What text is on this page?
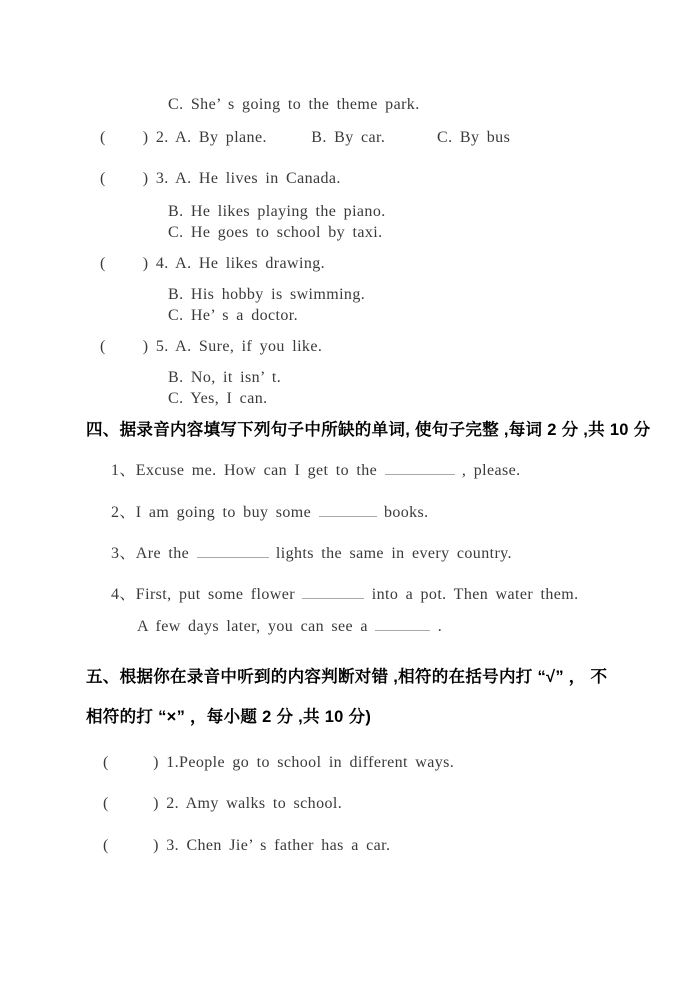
C. She’ s going to the theme park.
(     ) 2. A. By plane.      B. By car.       C. By bus
(     ) 3. A. He lives in Canada.
B. He likes playing the piano.
C. He goes to school by taxi.
(     ) 4. A. He likes drawing.
B. His hobby is swimming.
C. He’ s a doctor.
(     ) 5. A. Sure, if you like.
B. No, it isn’ t.
C. Yes, I can.
四、据录音内容填写下列句子中所缺的单词, 使句子完整 ,每词 2 分 ,共 10 分
1、Excuse me. How can I get to the	, please.
2、I am going to buy some	books.
3、Are the	lights the same in every country.
4、First, put some flower	into a pot. Then water them.
A few days later, you can see a	.
五、根据你在录音中听到的内容判断对错 ,相符的在括号内打 “√” ， 不
相符的打 “×” ，每小题 2 分 ,共 10 分)
(      ) 1.People go to school in different ways.
(      ) 2. Amy walks to school.
(      ) 3. Chen Jie’ s father has a car.
